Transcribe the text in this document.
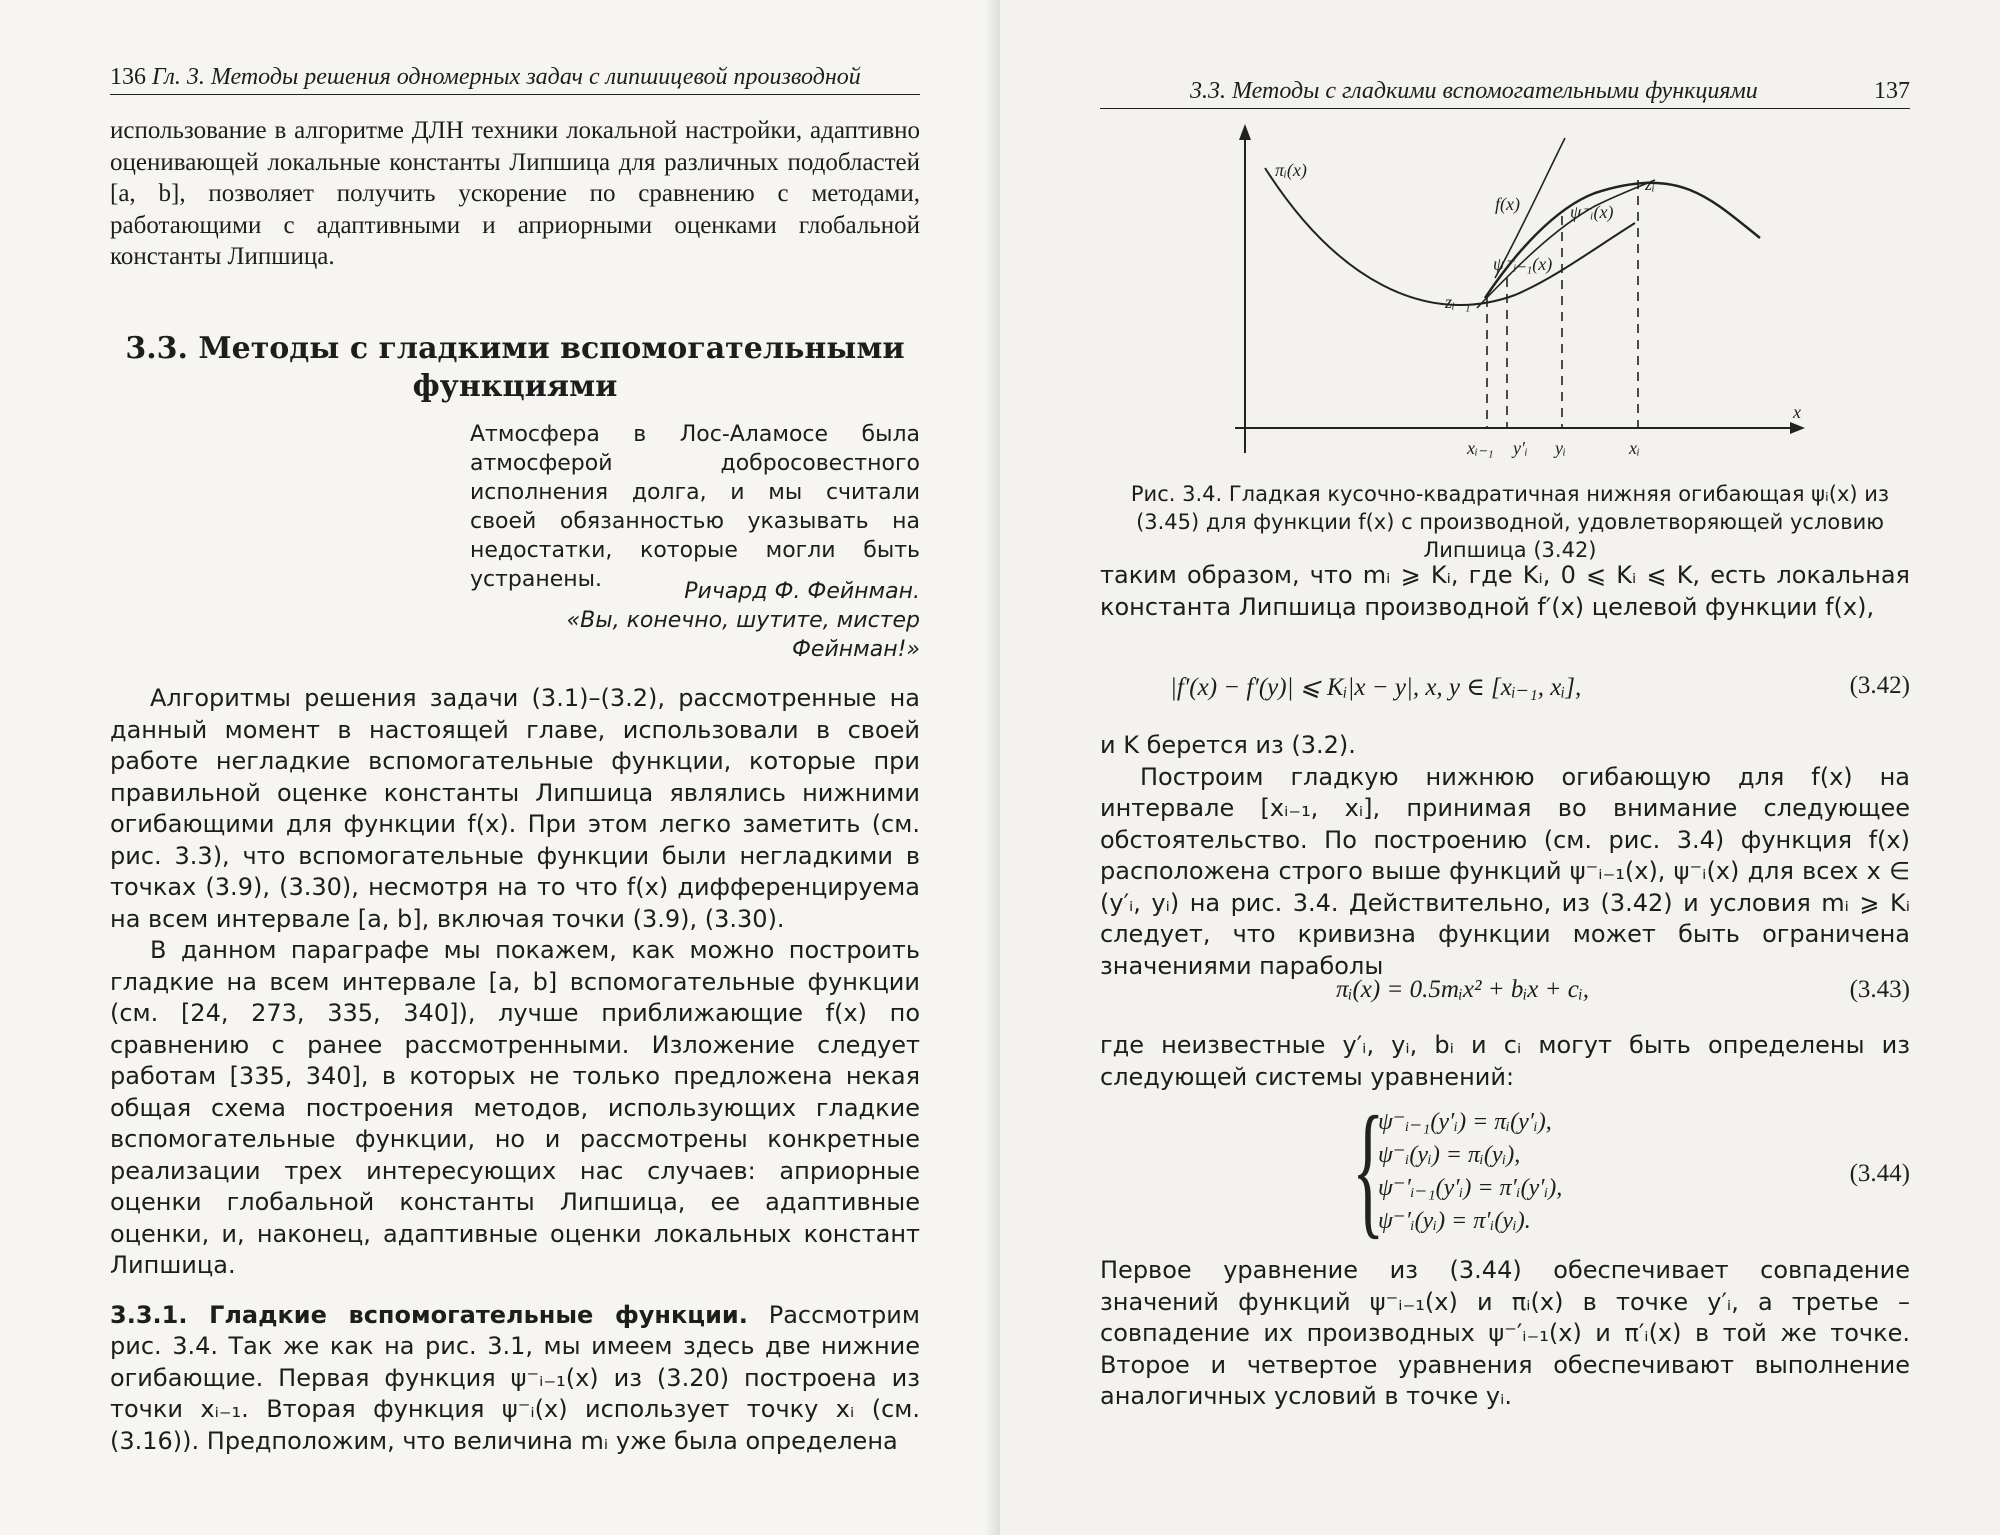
136 Гл. 3. Методы решения одномерных задач с липшицевой производной

использование в алгоритме ДЛН техники локальной настройки, адаптивно оценивающей локальные константы Липшица для различных подобластей [a, b], позволяет получить ускорение по сравнению с методами, работающими с адаптивными и априорными оценками глобальной константы Липшица.

3.3. Методы с гладкими вспомогательными функциями
Атмосфера в Лос-Аламосе была атмосферой добросовестного исполнения долга, и мы считали своей обязанностью указывать на недостатки, которые могли быть устранены.	Ричард Ф. Фейнман.
«Вы, конечно, шутите, мистер Фейнман!»

Алгоритмы решения задачи (3.1)–(3.2), рассмотренные на данный момент в настоящей главе, использовали в своей работе негладкие вспомогательные функции, которые при правильной оценке константы Липшица являлись нижними огибающими для функции f(x). При этом легко заметить (см. рис. 3.3), что вспомогательные функции были негладкими в точках (3.9), (3.30), несмотря на то что f(x) дифференцируема на всем интервале [a, b], включая точки (3.9), (3.30).

В данном параграфе мы покажем, как можно построить гладкие на всем интервале [a, b] вспомогательные функции (см. [24, 273, 335, 340]), лучше приближающие f(x) по сравнению с ранее рассмотренными. Изложение следует работам [335, 340], в которых не только предложена некая общая схема построения методов, использующих гладкие вспомогательные функции, но и рассмотрены конкретные реализации трех интересующих нас случаев: априорные оценки глобальной константы Липшица, ее адаптивные оценки, и, наконец, адаптивные оценки локальных констант Липшица.

3.3.1. Гладкие вспомогательные функции. Рассмотрим рис. 3.4. Так же как на рис. 3.1, мы имеем здесь две нижние огибающие. Первая функция ψ⁻ᵢ₋₁(x) из (3.20) построена из точки xᵢ₋₁. Вторая функция ψ⁻ᵢ(x) использует точку xᵢ (см. (3.16)). Предположим, что величина mᵢ уже была определена

3.3. Методы с гладкими вспомогательными функциями	137

πᵢ(x)
f(x)
zᵢ
zᵢ₋₁
ψ⁻ᵢ(x)
ψ⁻ᵢ₋₁(x)
x
xᵢ₋₁ y′ᵢ yᵢ	xᵢ
Рис. 3.4. Гладкая кусочно-квадратичная нижняя огибающая ψᵢ(x) из (3.45) для функции f(x) с производной, удовлетворяющей условию Липшица (3.42)

таким образом, что mᵢ ⩾ Kᵢ, где Kᵢ, 0 ⩽ Kᵢ ⩽ K, есть локальная константа Липшица производной f′(x) целевой функции f(x),

|f′(x) − f′(y)| ⩽ Kᵢ|x − y|, x, y ∈ [xᵢ₋₁, xᵢ],	(3.42)

и K берется из (3.2).

Построим гладкую нижнюю огибающую для f(x) на интервале [xᵢ₋₁, xᵢ], принимая во внимание следующее обстоятельство. По построению (см. рис. 3.4) функция f(x) расположена строго выше функций ψ⁻ᵢ₋₁(x), ψ⁻ᵢ(x) для всех x ∈ (y′ᵢ, yᵢ) на рис. 3.4. Действительно, из (3.42) и условия mᵢ ⩾ Kᵢ следует, что кривизна функции может быть ограничена значениями параболы

πᵢ(x) = 0.5mᵢx² + bᵢx + cᵢ,	(3.43)

где неизвестные y′ᵢ, yᵢ, bᵢ и cᵢ могут быть определены из следующей системы уравнений:

{
ψ⁻ᵢ₋₁(y′ᵢ) = πᵢ(y′ᵢ),
ψ⁻ᵢ(yᵢ) = πᵢ(yᵢ),
ψ⁻′ᵢ₋₁(y′ᵢ) = π′ᵢ(y′ᵢ),
ψ⁻′ᵢ(yᵢ) = π′ᵢ(yᵢ).
(3.44)

Первое уравнение из (3.44) обеспечивает совпадение значений функций ψ⁻ᵢ₋₁(x) и πᵢ(x) в точке y′ᵢ, а третье – совпадение их производных ψ⁻′ᵢ₋₁(x) и π′ᵢ(x) в той же точке. Второе и четвертое уравнения обеспечивают выполнение аналогичных условий в точке yᵢ.
